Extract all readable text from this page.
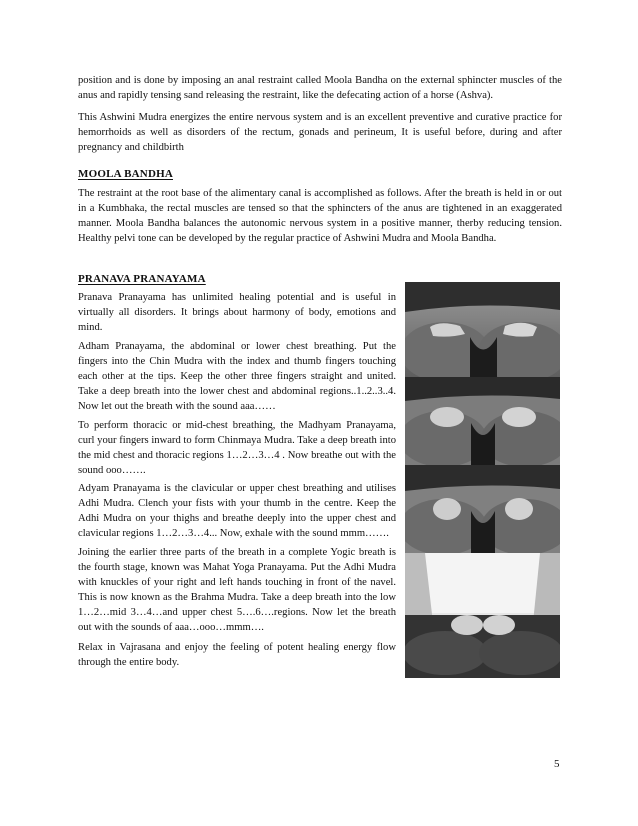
position and is done by imposing an anal restraint called Moola Bandha on the external sphincter muscles of the anus and rapidly tensing sand releasing the restraint, like the defecating action of a horse (Ashva).

This Ashwini Mudra energizes the entire nervous system and is an excellent preventive and curative practice for hemorrhoids as well as disorders of the rectum, gonads and perineum, It is useful before, during and after pregnancy and childbirth

MOOLA BANDHA

The restraint at the root base of the alimentary canal is accomplished as follows. After the breath is held in or out in a Kumbhaka, the rectal muscles are tensed so that the sphincters of the anus are tightened in an exaggerated manner. Moola Bandha balances the autonomic nervous system in a positive manner, therby reducing tension. Healthy pelvi tone can be developed by the regular practice of Ashwini Mudra and Moola Bandha.

PRANAVA PRANAYAMA

Pranava Pranayama has unlimited healing potential and is useful in virtually all disorders. It brings about harmony of body, emotions and mind.

Adham Pranayama, the abdominal or lower chest breathing. Put the fingers into the Chin Mudra with the index and thumb fingers touching each other at the tips. Keep the other three fingers straight and united. Take a deep breath into the lower chest and abdominal regions..1..2..3..4. Now let out the breath with the sound aaa……

To perform thoracic or mid-chest breathing, the Madhyam Pranayama, curl your fingers inward to form Chinmaya Mudra. Take a deep breath into the mid chest and thoracic regions 1…2…3…4 . Now breathe out with the sound ooo…….

Adyam Pranayama is the clavicular or upper chest breathing and utilises Adhi Mudra. Clench your fists with your thumb in the centre. Keep the Adhi Mudra on your thighs and breathe deeply into the upper chest and clavicular regions 1…2…3…4... Now, exhale with the sound mmm…….

Joining the earlier three parts of the breath in a complete Yogic breath is the fourth stage, known was Mahat Yoga Pranayama. Put the Adhi Mudra with knuckles of your right and left hands touching in front of the navel. This is now known as the Brahma Mudra. Take a deep breath into the low 1…2…mid 3…4…and upper chest 5….6….regions. Now let the breath out with the sounds of aaa…ooo…mmm….

Relax in Vajrasana and enjoy the feeling of potent healing energy flow through the entire body.

5
